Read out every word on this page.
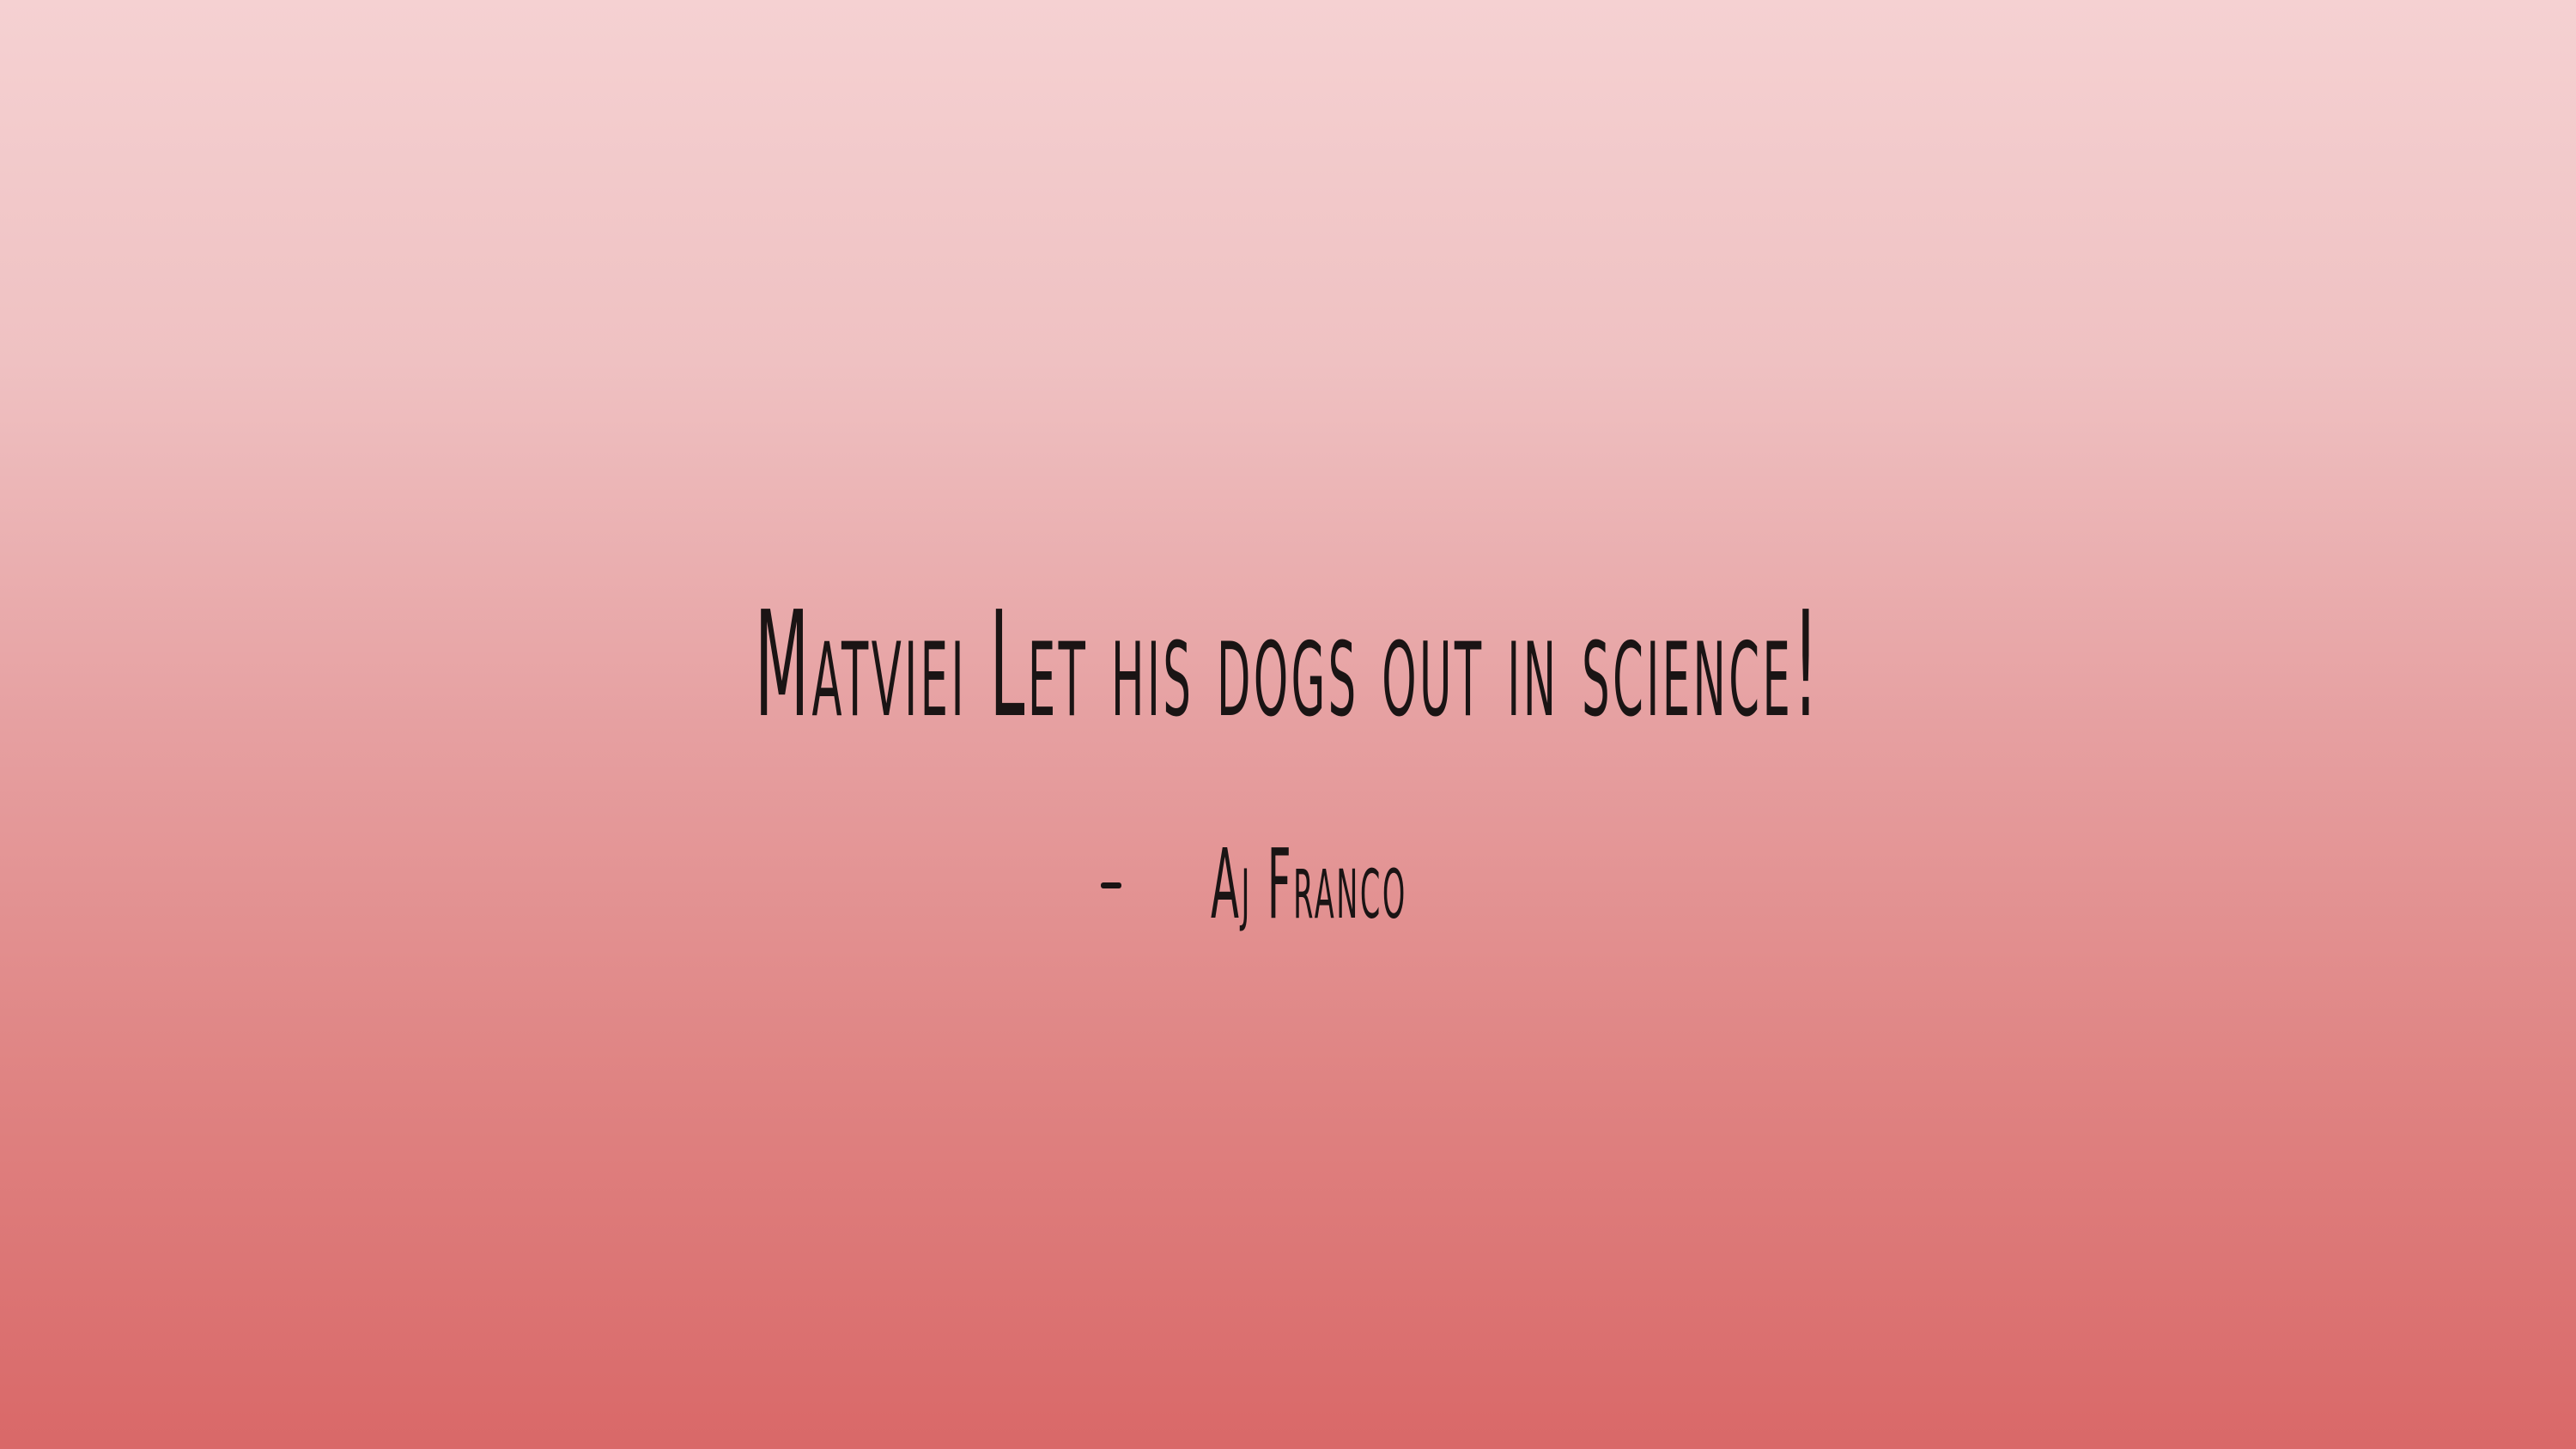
Matviei Let his dogs out in science!
Aj Franco
